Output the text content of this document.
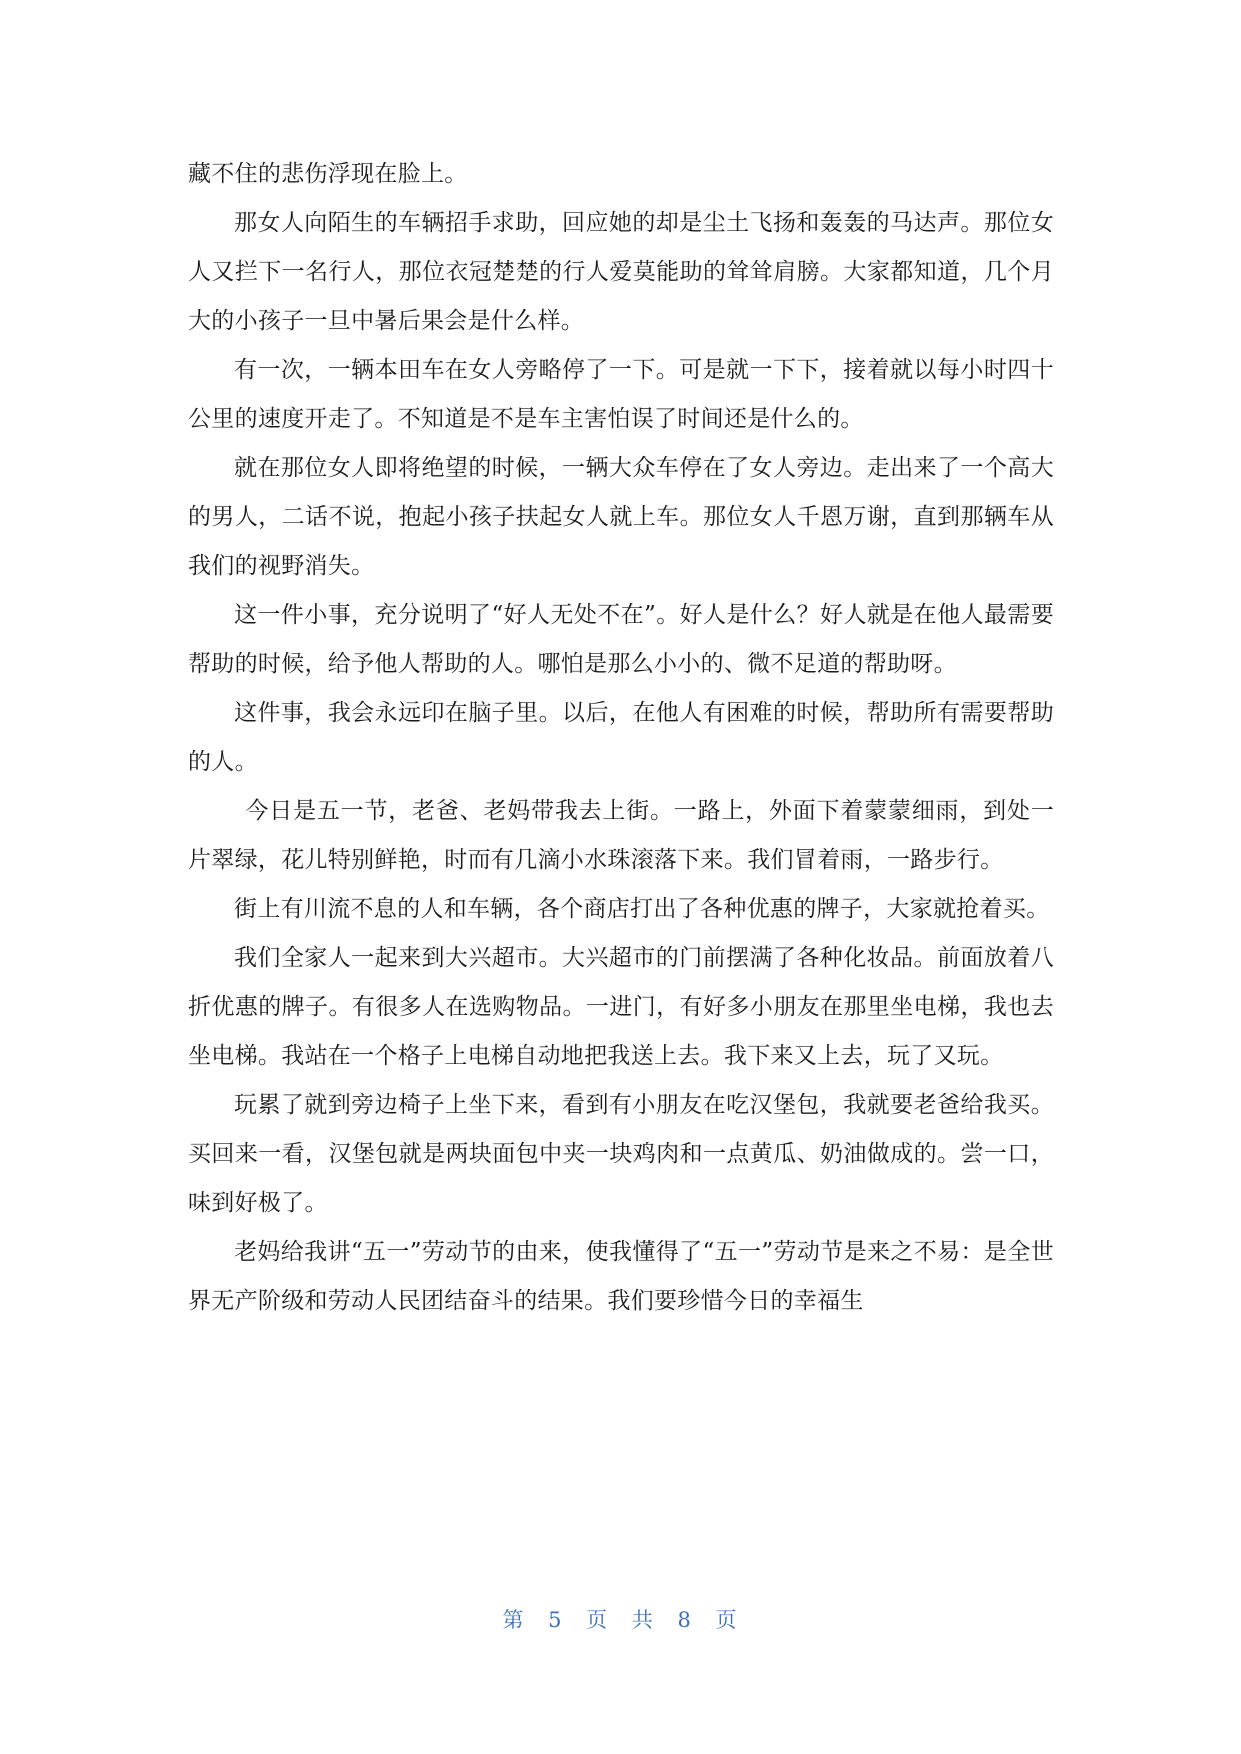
藏不住的悲伤浮现在脸上。

那女人向陌生的车辆招手求助，回应她的却是尘土飞扬和轰轰的马达声。那位女人又拦下一名行人，那位衣冠楚楚的行人爱莫能助的耸耸肩膀。大家都知道，几个月大的小孩子一旦中暑后果会是什么样。

有一次，一辆本田车在女人旁略停了一下。可是就一下下，接着就以每小时四十公里的速度开走了。不知道是不是车主害怕误了时间还是什么的。

就在那位女人即将绝望的时候，一辆大众车停在了女人旁边。走出来了一个高大的男人，二话不说，抱起小孩子扶起女人就上车。那位女人千恩万谢，直到那辆车从我们的视野消失。

这一件小事，充分说明了“好人无处不在”。好人是什么？好人就是在他人最需要帮助的时候，给予他人帮助的人。哪怕是那么小小的、微不足道的帮助呀。

这件事，我会永远印在脑子里。以后，在他人有困难的时候，帮助所有需要帮助的人。

今日是五一节，老爸、老妈带我去上街。一路上，外面下着蒙蒙细雨，到处一片翠绿，花儿特别鲜艳，时而有几滴小水珠滚落下来。我们冒着雨，一路步行。

街上有川流不息的人和车辆，各个商店打出了各种优惠的牌子，大家就抢着买。

我们全家人一起来到大兴超市。大兴超市的门前摆满了各种化妆品。前面放着八折优惠的牌子。有很多人在选购物品。一进门，有好多小朋友在那里坐电梯，我也去坐电梯。我站在一个格子上电梯自动地把我送上去。我下来又上去，玩了又玩。

玩累了就到旁边椅子上坐下来，看到有小朋友在吃汉堡包，我就要老爸给我买。买回来一看，汉堡包就是两块面包中夹一块鸡肉和一点黄瓜、奶油做成的。尝一口，味到好极了。

老妈给我讲“五一”劳动节的由来，使我懂得了“五一”劳动节是来之不易：是全世界无产阶级和劳动人民团结奋斗的结果。我们要珍惜今日的幸福生

第 5 页 共 8 页
